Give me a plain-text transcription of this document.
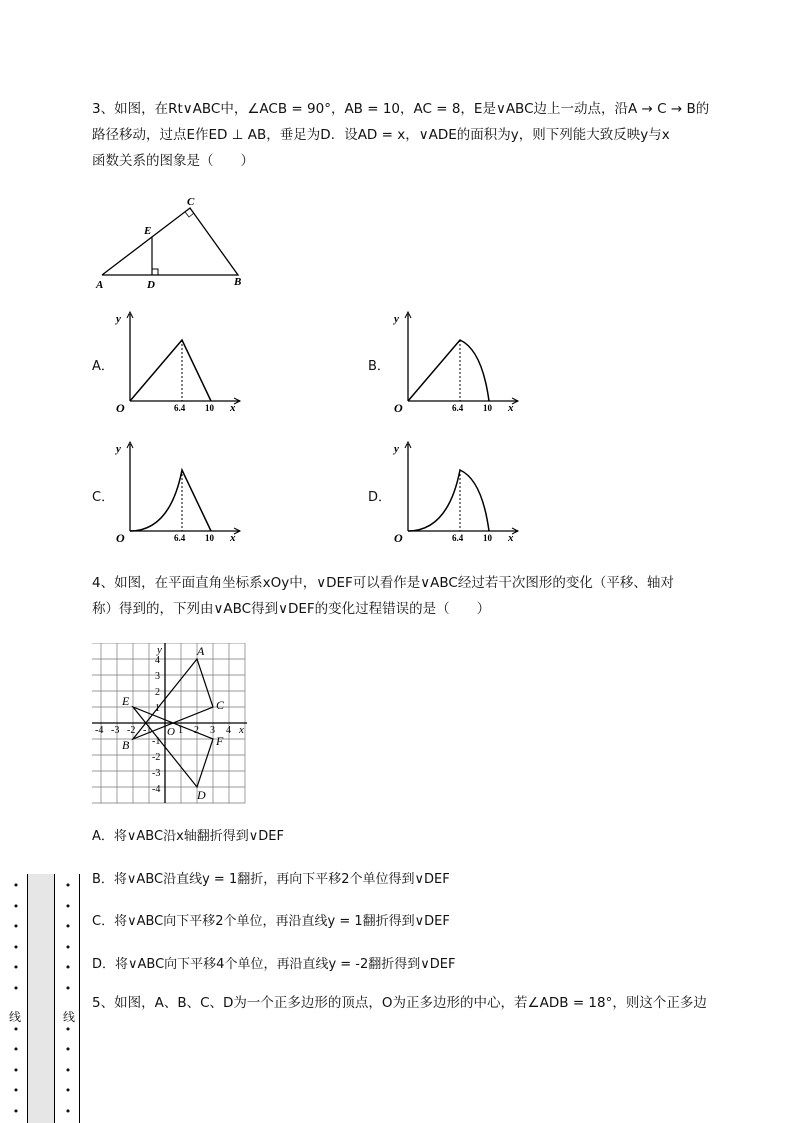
3、如图，在Rt∨ABC中，∠ACB = 90°，AB = 10，AC = 8，E是∨ABC边上一动点，沿A → C → B的
路径移动，过点E作ED ⊥ AB，垂足为D．设AD = x，∨ADE的面积为y，则下列能大致反映y与x
函数关系的图象是（　　）
A	D	B
E
C
A．	B．
C．	D．
y
O	6.4 10 x
y
O	6.4 10 x
y
O	6.4 10 x
y
O	6.4 10 x
4、如图，在平面直角坐标系xOy中，∨DEF可以看作是∨ABC经过若干次图形的变化（平移、轴对
称）得到的，下列由∨ABC得到∨DEF的变化过程错误的是（　　）
-4 -3 -2 -1 O 1 2 3 4 x
y
4
3
2
1
-1
-2
-3
-4
A
B
C
D
E
F
A．将∨ABC沿x轴翻折得到∨DEF
B．将∨ABC沿直线y = 1翻折，再向下平移2个单位得到∨DEF
C．将∨ABC向下平移2个单位，再沿直线y = 1翻折得到∨DEF
D．将∨ABC向下平移4个单位，再沿直线y = -2翻折得到∨DEF
5、如图，A、B、C、D为一个正多边形的顶点，O为正多边形的中心，若∠ADB = 18°，则这个正多边
•
•
•
•
•
•
•
•
•
•
•
•
•
•
•
•
•
•
•
•
•
•
线	线
